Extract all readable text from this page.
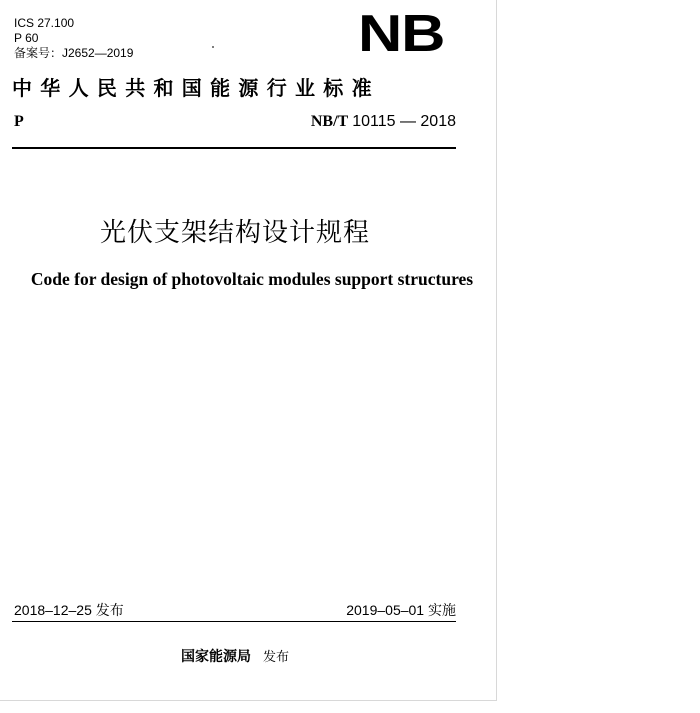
ICS 27.100
P 60
备案号：J2652—2019	NB
中华人民共和国能源行业标准
P	NB/T 10115 — 2018
光伏支架结构设计规程
Code for design of photovoltaic modules support structures
2018–12–25 发布	2019–05–01 实施
国家能源局 发布
